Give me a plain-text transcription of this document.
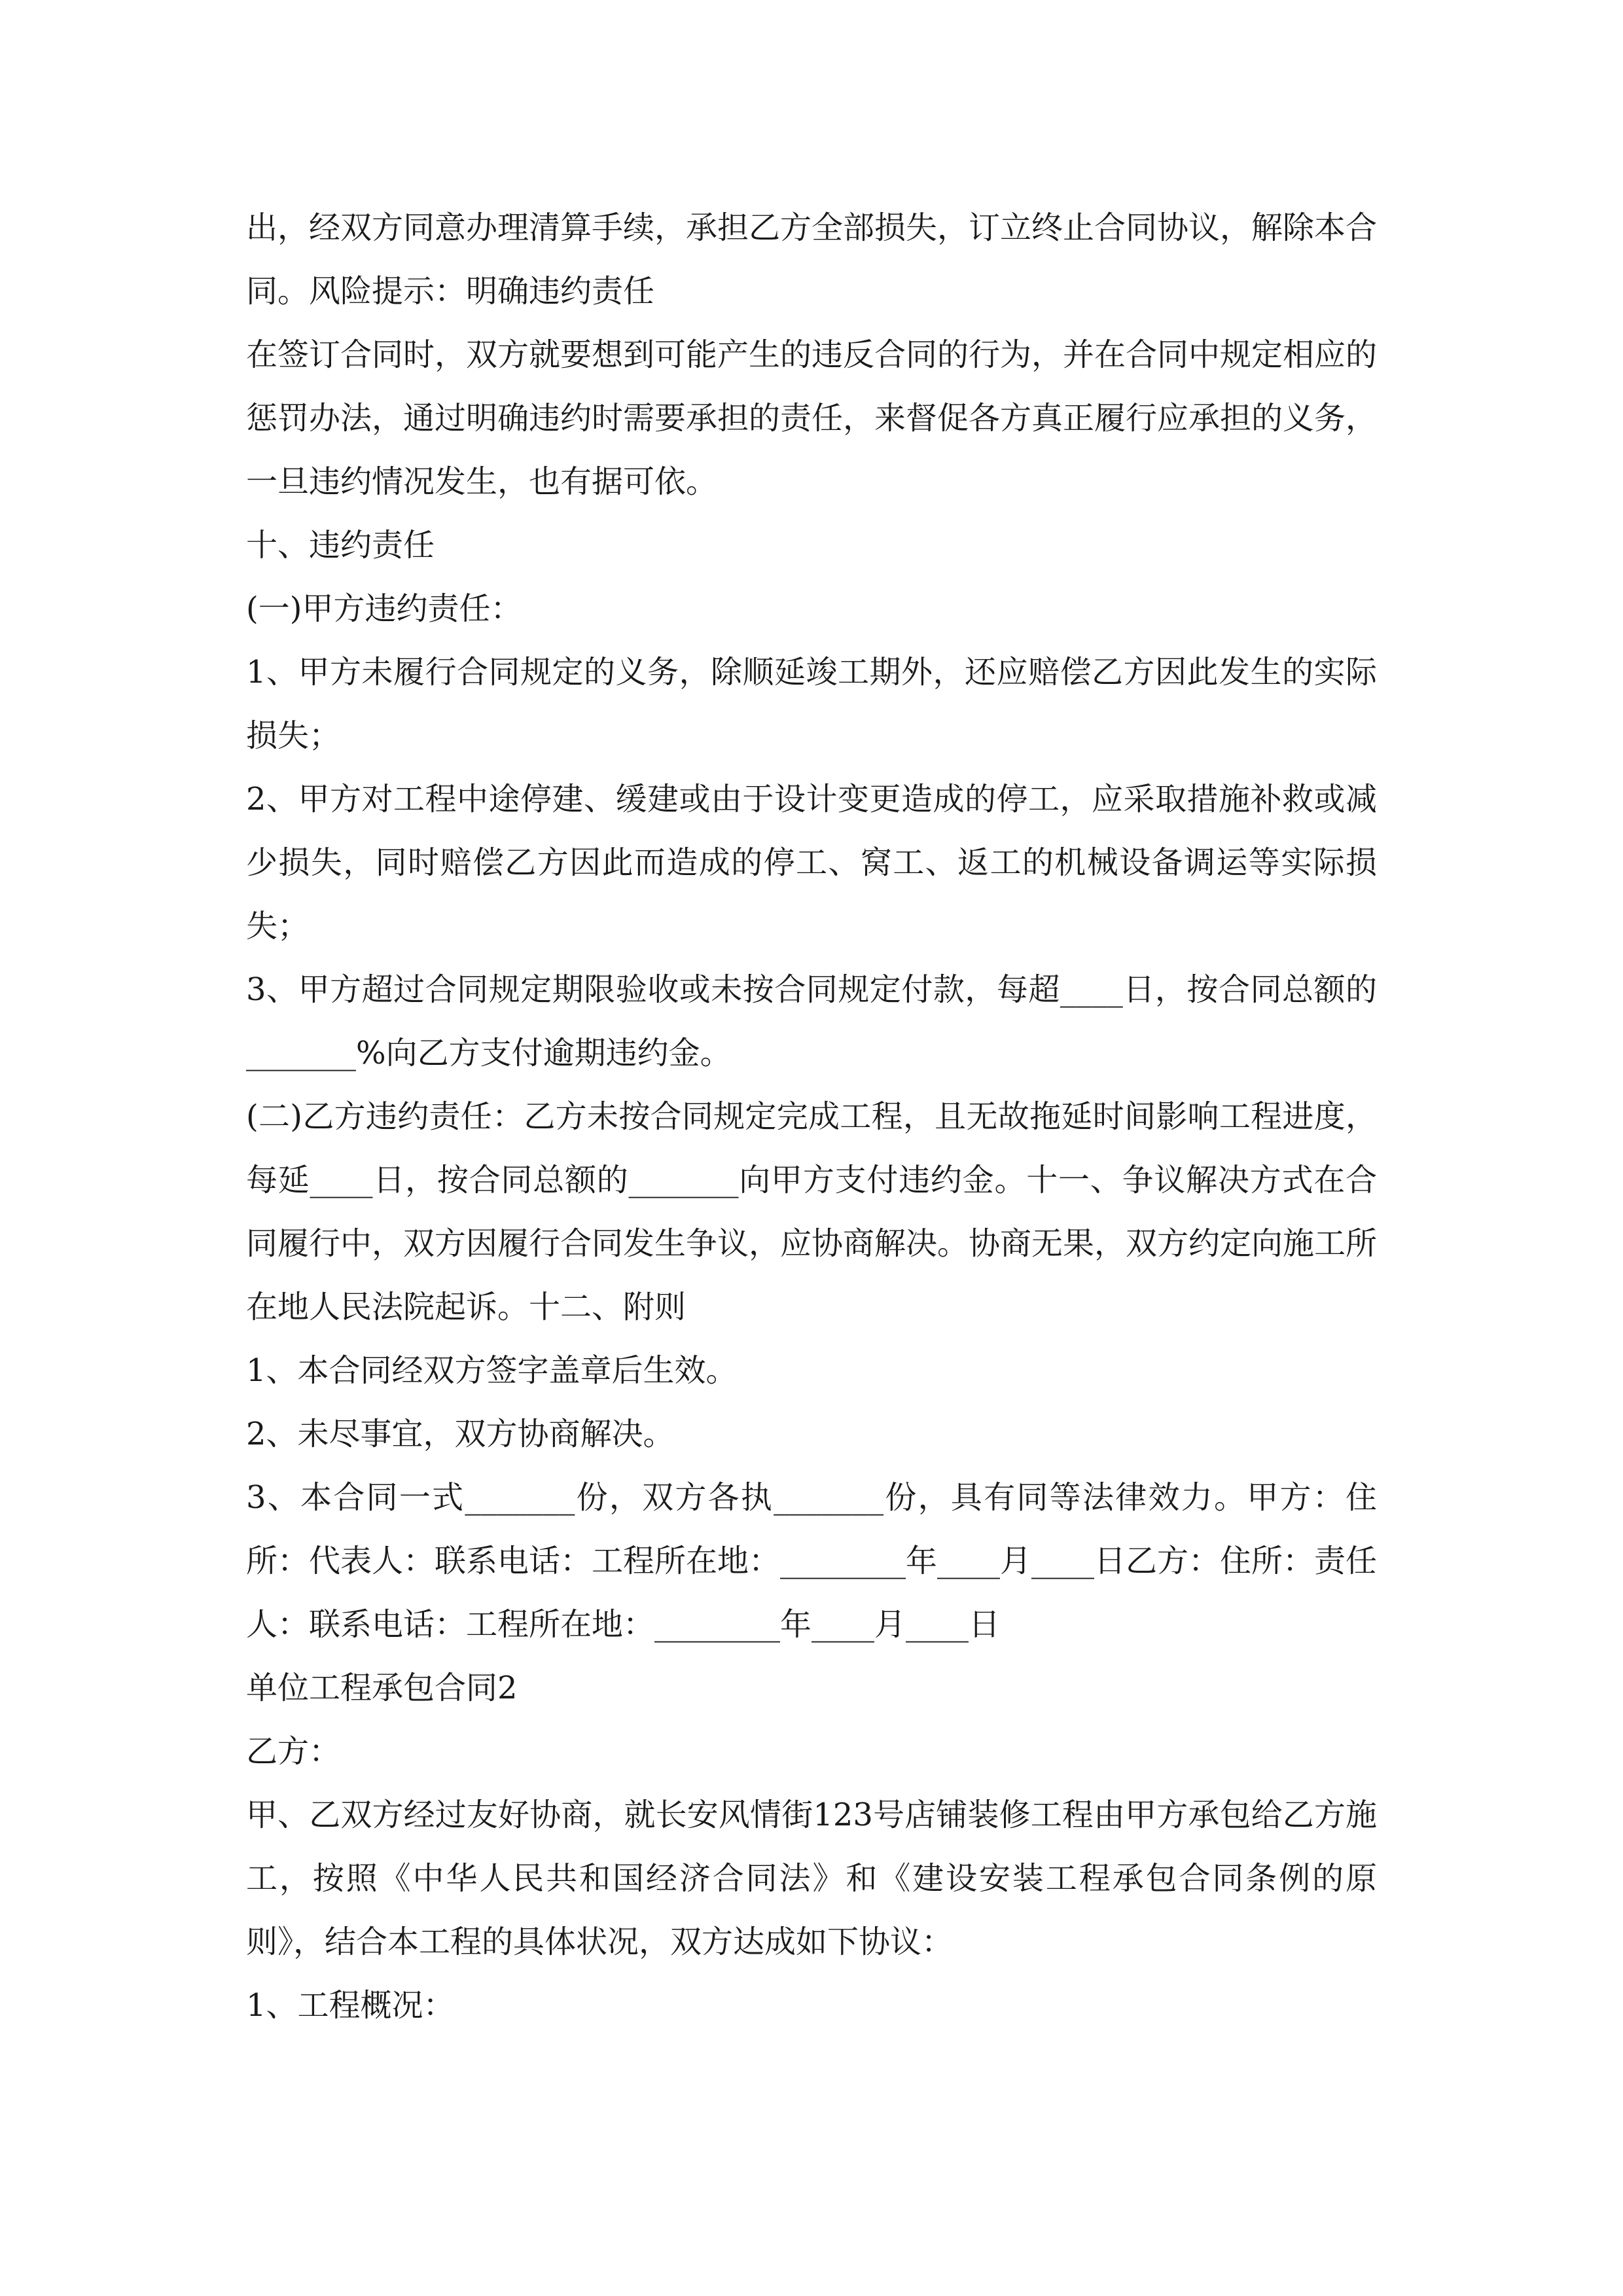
出，经双方同意办理清算手续，承担乙方全部损失，订立终止合同协议，解除本合同。风险提示：明确违约责任

在签订合同时，双方就要想到可能产生的违反合同的行为，并在合同中规定相应的惩罚办法，通过明确违约时需要承担的责任，来督促各方真正履行应承担的义务，一旦违约情况发生，也有据可依。

十、违约责任

(一)甲方违约责任：

1、甲方未履行合同规定的义务，除顺延竣工期外，还应赔偿乙方因此发生的实际损失；

2、甲方对工程中途停建、缓建或由于设计变更造成的停工，应采取措施补救或减少损失，同时赔偿乙方因此而造成的停工、窝工、返工的机械设备调运等实际损失；

3、甲方超过合同规定期限验收或未按合同规定付款，每超____日，按合同总额的_______%向乙方支付逾期违约金。

(二)乙方违约责任：乙方未按合同规定完成工程，且无故拖延时间影响工程进度，每延____日，按合同总额的_______向甲方支付违约金。十一、争议解决方式在合同履行中，双方因履行合同发生争议，应协商解决。协商无果，双方约定向施工所在地人民法院起诉。十二、附则

1、本合同经双方签字盖章后生效。

2、未尽事宜，双方协商解决。

3、本合同一式_______份，双方各执_______份，具有同等法律效力。甲方：住所：代表人：联系电话：工程所在地：________年____月____日乙方：住所：责任人：联系电话：工程所在地：________年____月____日

单位工程承包合同2

乙方：

甲、乙双方经过友好协商，就长安风情街123号店铺装修工程由甲方承包给乙方施工，按照《中华人民共和国经济合同法》和《建设安装工程承包合同条例的原则》，结合本工程的具体状况，双方达成如下协议：

1、工程概况：
